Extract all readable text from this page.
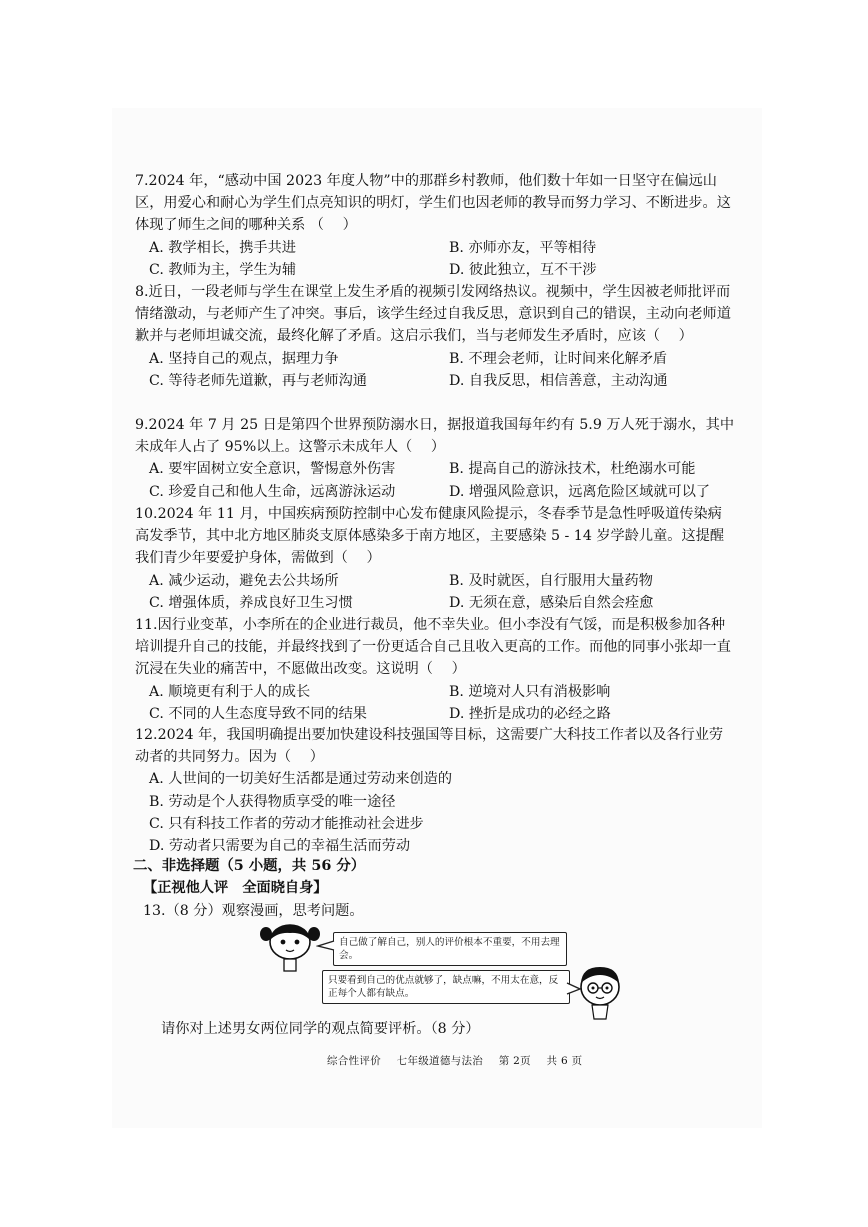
7.2024 年，“感动中国 2023 年度人物”中的那群乡村教师，他们数十年如一日坚守在偏远山区，用爱心和耐心为学生们点亮知识的明灯，学生们也因老师的教导而努力学习、不断进步。这体现了师生之间的哪种关系 （　 ）
A. 教学相长，携手共进	B. 亦师亦友，平等相待
C. 教师为主，学生为辅	D. 彼此独立，互不干涉
8.近日，一段老师与学生在课堂上发生矛盾的视频引发网络热议。视频中，学生因被老师批评而情绪激动，与老师产生了冲突。事后，该学生经过自我反思，意识到自己的错误，主动向老师道歉并与老师坦诚交流，最终化解了矛盾。这启示我们，当与老师发生矛盾时，应该（　 ）
A. 坚持自己的观点，据理力争	B. 不理会老师，让时间来化解矛盾
C. 等待老师先道歉，再与老师沟通	D. 自我反思，相信善意，主动沟通
9.2024 年 7 月 25 日是第四个世界预防溺水日，据报道我国每年约有 5.9 万人死于溺水，其中未成年人占了 95%以上。这警示未成年人（　 ）
A. 要牢固树立安全意识，警惕意外伤害	B. 提高自己的游泳技术，杜绝溺水可能
C. 珍爱自己和他人生命，远离游泳运动	D. 增强风险意识，远离危险区域就可以了
10.2024 年 11 月，中国疾病预防控制中心发布健康风险提示，冬春季节是急性呼吸道传染病高发季节，其中北方地区肺炎支原体感染多于南方地区，主要感染 5 - 14 岁学龄儿童。这提醒我们青少年要爱护身体，需做到（　 ）
A. 减少运动，避免去公共场所	B. 及时就医，自行服用大量药物
C. 增强体质，养成良好卫生习惯	D. 无须在意，感染后自然会痊愈
11.因行业变革，小李所在的企业进行裁员，他不幸失业。但小李没有气馁，而是积极参加各种培训提升自己的技能，并最终找到了一份更适合自己且收入更高的工作。而他的同事小张却一直沉浸在失业的痛苦中，不愿做出改变。这说明（　 ）
A. 顺境更有利于人的成长	B. 逆境对人只有消极影响
C. 不同的人生态度导致不同的结果	D. 挫折是成功的必经之路
12.2024 年，我国明确提出要加快建设科技强国等目标，这需要广大科技工作者以及各行业劳动者的共同努力。因为（　 ）
A. 人世间的一切美好生活都是通过劳动来创造的
B. 劳动是个人获得物质享受的唯一途径
C. 只有科技工作者的劳动才能推动社会进步
D. 劳动者只需要为自己的幸福生活而劳动
二、非选择题（5 小题，共 56 分）
【正视他人评　全面晓自身】
13.（8 分）观察漫画，思考问题。
自己做了解自己，别人的评价根本不重要，不用去理会。
只要看到自己的优点就够了，缺点嘛，不用太在意，反正每个人都有缺点。
请你对上述男女两位同学的观点简要评析。（8 分）
综合性评价 七年级道德与法治 第 2页 共 6 页
